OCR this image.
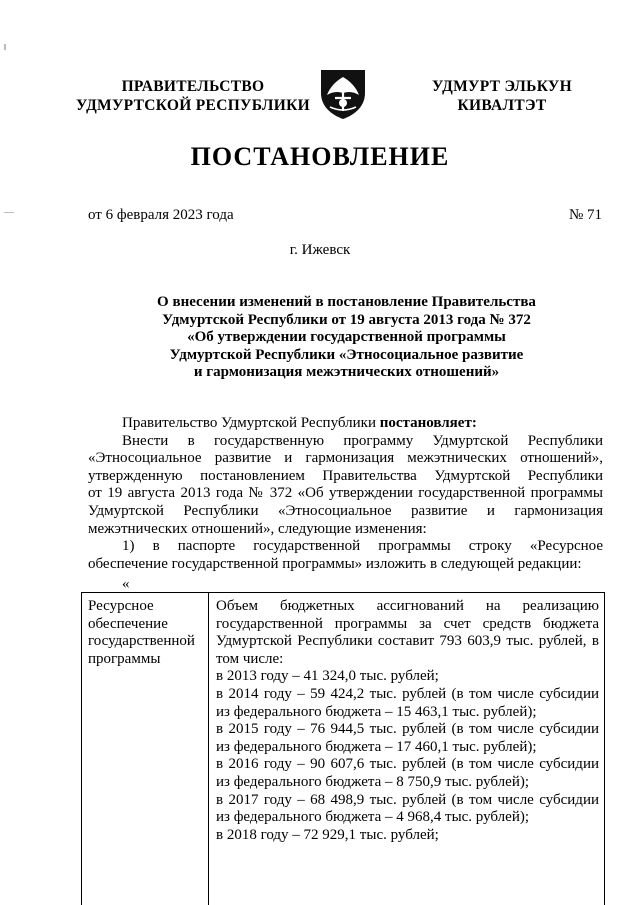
ПРАВИТЕЛЬСТВО
УДМУРТСКОЙ РЕСПУБЛИКИ
УДМУРТ ЭЛЬКУН
КИВАЛТЭТ
ПОСТАНОВЛЕНИЕ
от 6 февраля 2023 года	№ 71
г. Ижевск
О внесении изменений в постановление Правительства
Удмуртской Республики от 19 августа 2013 года № 372
«Об утверждении государственной программы
Удмуртской Республики «Этносоциальное развитие
и гармонизация межэтнических отношений»

Правительство Удмуртской Республики постановляет:

Внести в государственную программу Удмуртской Республики

«Этносоциальное развитие и гармонизация межэтнических отношений»,

утвержденную постановлением Правительства Удмуртской Республики

от 19 августа 2013 года № 372 «Об утверждении государственной программы

Удмуртской Республики «Этносоциальное развитие и гармонизация

межэтнических отношений», следующие изменения:

1) в паспорте государственной программы строку «Ресурсное

обеспечение государственной программы» изложить в следующей редакции:

«
Ресурсное
обеспечение
государственной
программы
Объем бюджетных ассигнований на реализацию
государственной программы за счет средств бюджета
Удмуртской Республики составит 793 603,9 тыс. рублей, в
том числе:
в 2013 году – 41 324,0 тыс. рублей;
в 2014 году – 59 424,2 тыс. рублей (в том числе субсидии
из федерального бюджета – 15 463,1 тыс. рублей);
в 2015 году – 76 944,5 тыс. рублей (в том числе субсидии
из федерального бюджета – 17 460,1 тыс. рублей);
в 2016 году – 90 607,6 тыс. рублей (в том числе субсидии
из федерального бюджета – 8 750,9 тыс. рублей);
в 2017 году – 68 498,9 тыс. рублей (в том числе субсидии
из федерального бюджета – 4 968,4 тыс. рублей);
в 2018 году – 72 929,1 тыс. рублей;
